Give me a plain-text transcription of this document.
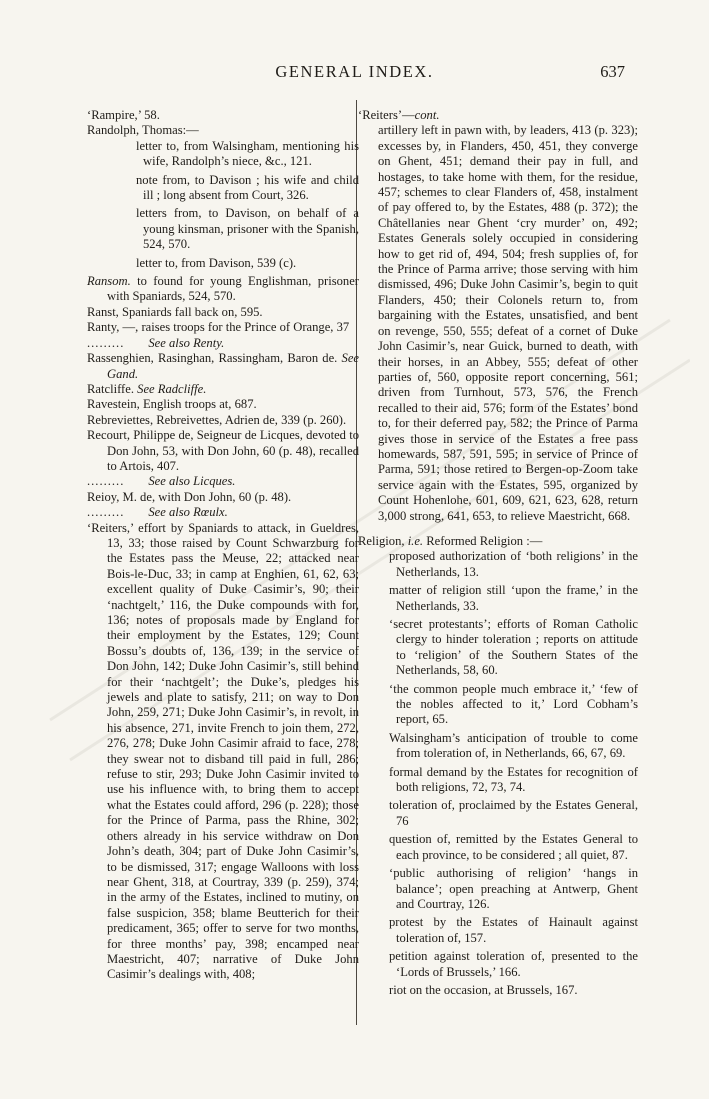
GENERAL INDEX.	637

‘Rampire,’ 58.

Randolph, Thomas:—

letter to, from Walsingham, mentioning his wife, Randolph’s niece, &c., 121.

note from, to Davison ; his wife and child ill ; long absent from Court, 326.

letters from, to Davison, on behalf of a young kinsman, prisoner with the Spanish, 524, 570.

letter to, from Davison, 539 (c).

Ransom. to found for young Englishman, prisoner with Spaniards, 524, 570.

Ranst, Spaniards fall back on, 595.

Ranty, —, raises troops for the Prince of Orange, 37

......... See also Renty.

Rassenghien, Rasinghan, Rassingham, Baron de. See Gand.

Ratcliffe. See Radcliffe.

Ravestein, English troops at, 687.

Rebreviettes, Rebreivettes, Adrien de, 339 (p. 260).

Recourt, Philippe de, Seigneur de Licques, devoted to Don John, 53, with Don John, 60 (p. 48), recalled to Artois, 407.

......... See also Licques.

Reioy, M. de, with Don John, 60 (p. 48).

......... See also Rœulx.

‘Reiters,’ effort by Spaniards to attack, in Gueldres, 13, 33; those raised by Count Schwarzburg for the Estates pass the Meuse, 22; attacked near Bois-le-Duc, 33; in camp at Enghien, 61, 62, 63; excellent quality of Duke Casimir’s, 90; their ‘nachtgelt,’ 116, the Duke compounds with for, 136; notes of proposals made by England for their employment by the Estates, 129; Count Bossu’s doubts of, 136, 139; in the service of Don John, 142; Duke John Casimir’s, still behind for their ‘nachtgelt’; the Duke’s, pledges his jewels and plate to satisfy, 211; on way to Don John, 259, 271; Duke John Casimir’s, in revolt, in his absence, 271, invite French to join them, 272, 276, 278; Duke John Casimir afraid to face, 278; they swear not to disband till paid in full, 286; refuse to stir, 293; Duke John Casimir invited to use his influence with, to bring them to accept what the Estates could afford, 296 (p. 228); those for the Prince of Parma, pass the Rhine, 302; others already in his service withdraw on Don John’s death, 304; part of Duke John Casimir’s, to be dismissed, 317; engage Walloons with loss near Ghent, 318, at Courtray, 339 (p. 259), 374; in the army of the Estates, inclined to mutiny, on false suspicion, 358; blame Beutterich for their predicament, 365; offer to serve for two months, for three months’ pay, 398; encamped near Maestricht, 407; narrative of Duke John Casimir’s dealings with, 408;

‘Reiters’—cont.

artillery left in pawn with, by leaders, 413 (p. 323); excesses by, in Flanders, 450, 451, they converge on Ghent, 451; demand their pay in full, and hostages, to take home with them, for the residue, 457; schemes to clear Flanders of, 458, instalment of pay offered to, by the Estates, 488 (p. 372); the Châtellanies near Ghent ‘cry murder’ on, 492; Estates Generals solely occupied in considering how to get rid of, 494, 504; fresh supplies of, for the Prince of Parma arrive; those serving with him dismissed, 496; Duke John Casimir’s, begin to quit Flanders, 450; their Colonels return to, from bargaining with the Estates, unsatisfied, and bent on revenge, 550, 555; defeat of a cornet of Duke John Casimir’s, near Guick, burned to death, with their horses, in an Abbey, 555; defeat of other parties of, 560, opposite report concerning, 561; driven from Turnhout, 573, 576, the French recalled to their aid, 576; form of the Estates’ bond to, for their deferred pay, 582; the Prince of Parma gives those in service of the Estates a free pass homewards, 587, 591, 595; in service of Prince of Parma, 591; those retired to Bergen-op-Zoom take service again with the Estates, 595, organized by Count Hohenlohe, 601, 609, 621, 623, 628, return 3,000 strong, 641, 653, to relieve Maestricht, 668.

Religion, i.e. Reformed Religion :—

proposed authorization of ‘both religions’ in the Netherlands, 13.

matter of religion still ‘upon the frame,’ in the Netherlands, 33.

‘secret protestants’; efforts of Roman Catholic clergy to hinder toleration ; reports on attitude to ‘religion’ of the Southern States of the Netherlands, 58, 60.

‘the common people much embrace it,’ ‘few of the nobles affected to it,’ Lord Cobham’s report, 65.

Walsingham’s anticipation of trouble to come from toleration of, in Netherlands, 66, 67, 69.

formal demand by the Estates for recognition of both religions, 72, 73, 74.

toleration of, proclaimed by the Estates General, 76

question of, remitted by the Estates General to each province, to be considered ; all quiet, 87.

‘public authorising of religion’ ‘hangs in balance’; open preaching at Antwerp, Ghent and Courtray, 126.

protest by the Estates of Hainault against toleration of, 157.

petition against toleration of, presented to the ‘Lords of Brussels,’ 166.

riot on the occasion, at Brussels, 167.
